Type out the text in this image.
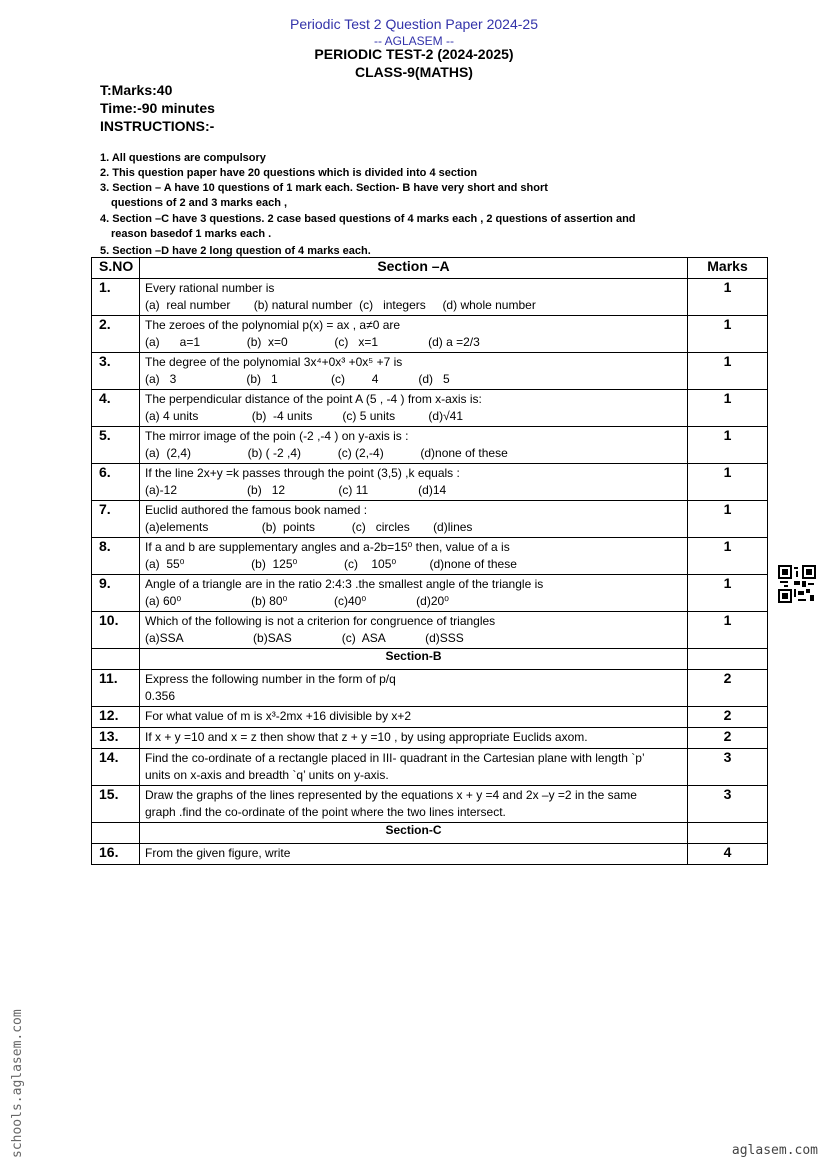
Periodic Test 2 Question Paper 2024-25
-- AGLASEM --
PERIODIC TEST-2 (2024-2025)
CLASS-9(MATHS)
T:Marks:40
Time:-90 minutes
INSTRUCTIONS:-
1. All questions are compulsory
2. This question paper have 20 questions which is divided into 4 section
3. Section – A have 10 questions of 1 mark each. Section- B have very short and short
questions of 2 and 3 marks each ,
4. Section –C have 3 questions. 2 case based questions of 4 marks each , 2 questions of assertion and
reason basedof 1 marks each .
5. Section –D have 2 long question of 4 marks each.
S.NO	Section –A	Marks
1.	Every rational number is
(a)  real number       (b) natural number  (c)   integers     (d) whole number	1
2.	The zeroes of the polynomial p(x) = ax , a≠0 are
(a)      a=1              (b)  x=0              (c)   x=1               (d) a =2/3	1
3.	The degree of the polynomial 3x⁴+0x³ +0x⁵ +7 is
(a)   3                     (b)   1                (c)        4            (d)   5	1
4.	The perpendicular distance of the point A (5 , -4 ) from x-axis is:
(a) 4 units                (b)  -4 units         (c) 5 units          (d)√41	1
5.	The mirror image of the poin (-2 ,-4 ) on y-axis is :
(a)  (2,4)                 (b) ( -2 ,4)           (c) (2,-4)           (d)none of these	1
6.	If the line 2x+y =k passes through the point (3,5) ,k equals :
(a)-12                     (b)   12                (c) 11               (d)14	1
7.	Euclid authored the famous book named :
(a)elements                (b)  points           (c)   circles       (d)lines	1
8.	If a and b are supplementary angles and a-2b=15⁰ then, value of a is
(a)  55⁰                    (b)  125⁰              (c)    105⁰          (d)none of these	1
9.	Angle of a triangle are in the ratio 2:4:3 .the smallest angle of the triangle is
(a) 60⁰                     (b) 80⁰              (c)40⁰               (d)20⁰	1
10.	Which of the following is not a criterion for congruence of triangles
(a)SSA                     (b)SAS               (c)  ASA            (d)SSS	1
	Section-B	
11.	Express the following number in the form of p/q
0.356	2
12.	For what value of m is x³-2mx +16 divisible by x+2	2
13.	If x + y =10 and x = z then show that z + y =10 , by using appropriate Euclids axom.	2
14.	Find the co-ordinate of a rectangle placed in III- quadrant in the Cartesian plane with length `p’
units on x-axis and breadth `q’ units on y-axis.	3
15.	Draw the graphs of the lines represented by the equations x + y =4 and 2x –y =2 in the same
graph .find the co-ordinate of the point where the two lines intersect.	3
	Section-C	
16.	From the given figure, write	4
schools.aglasem.com	aglasem.com
